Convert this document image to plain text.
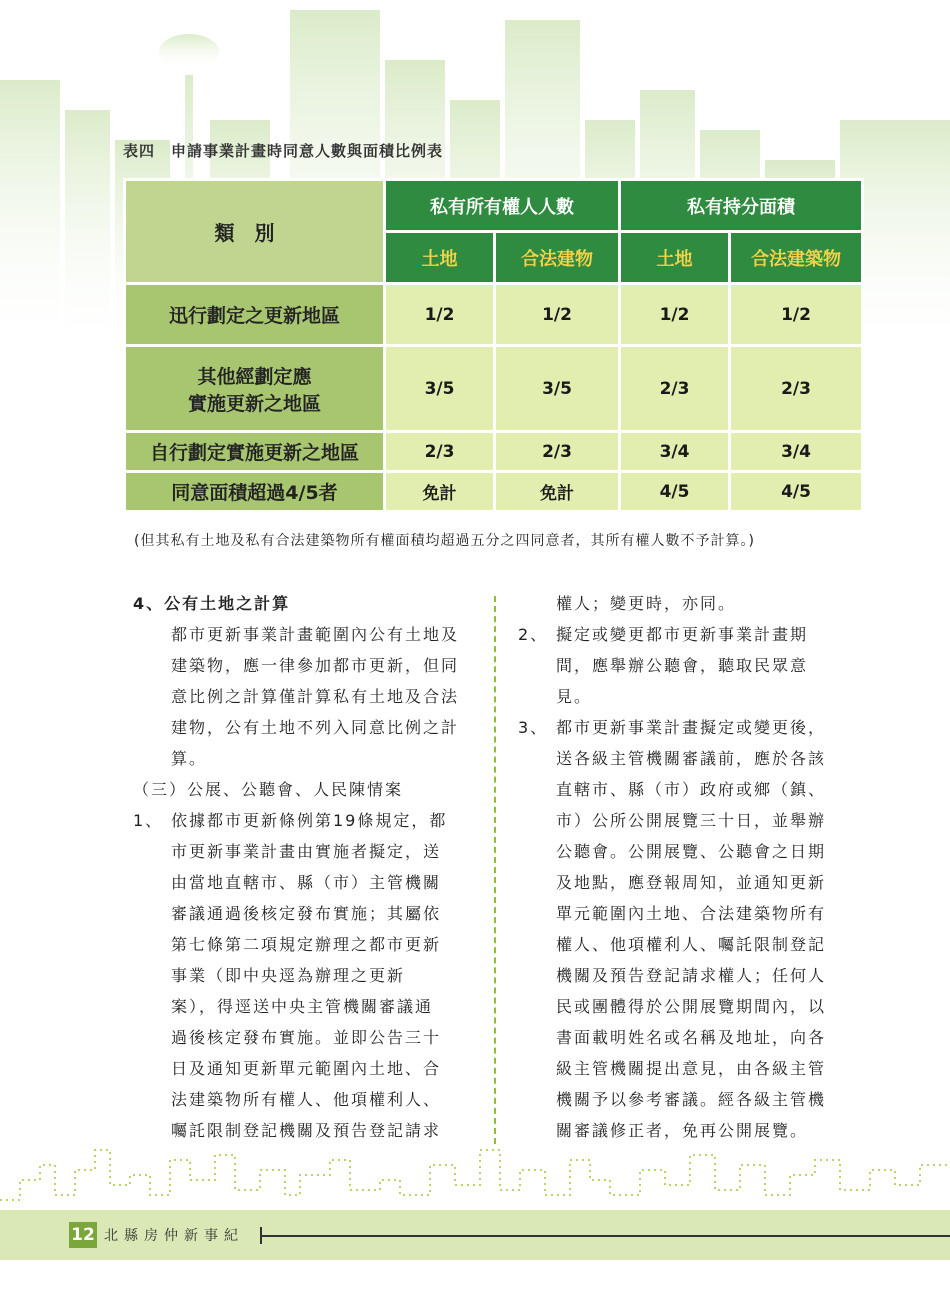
表四　申請事業計畫時同意人數與面積比例表
類別	私有所有權人人數		私有持分面積	
	土地	合法建物	土地	合法建築物
迅行劃定之更新地區	1/2	1/2	1/2	1/2

其他經劃定應
實施更新之地區	3/5	3/5	2/3	2/3
自行劃定實施更新之地區	2/3	2/3	3/4	3/4
同意面積超過4/5者	免計	免計	4/5	4/5
(但其私有土地及私有合法建築物所有權面積均超過五分之四同意者，其所有權人數不予計算。)

4、公有土地之計算

都市更新事業計畫範圍內公有土地及

建築物，應一律參加都市更新，但同

意比例之計算僅計算私有土地及合法

建物，公有土地不列入同意比例之計

算。

（三）公展、公聽會、人民陳情案

1、 依據都市更新條例第19條規定，都

市更新事業計畫由實施者擬定，送

由當地直轄市、縣（市）主管機關

審議通過後核定發布實施；其屬依

第七條第二項規定辦理之都市更新

事業（即中央逕為辦理之更新

案），得逕送中央主管機關審議通

過後核定發布實施。並即公告三十

日及通知更新單元範圍內土地、合

法建築物所有權人、他項權利人、

囑託限制登記機關及預告登記請求

權人；變更時，亦同。

2、 擬定或變更都市更新事業計畫期

間，應舉辦公聽會，聽取民眾意

見。

3、 都市更新事業計畫擬定或變更後，

送各級主管機關審議前，應於各該

直轄市、縣（市）政府或鄉（鎮、

市）公所公開展覽三十日，並舉辦

公聽會。公開展覽、公聽會之日期

及地點，應登報周知，並通知更新

單元範圍內土地、合法建築物所有

權人、他項權利人、囑託限制登記

機關及預告登記請求權人；任何人

民或團體得於公開展覽期間內，以

書面載明姓名或名稱及地址，向各

級主管機關提出意見，由各級主管

機關予以參考審議。經各級主管機

關審議修正者，免再公開展覽。

12 北縣房仲新事紀
